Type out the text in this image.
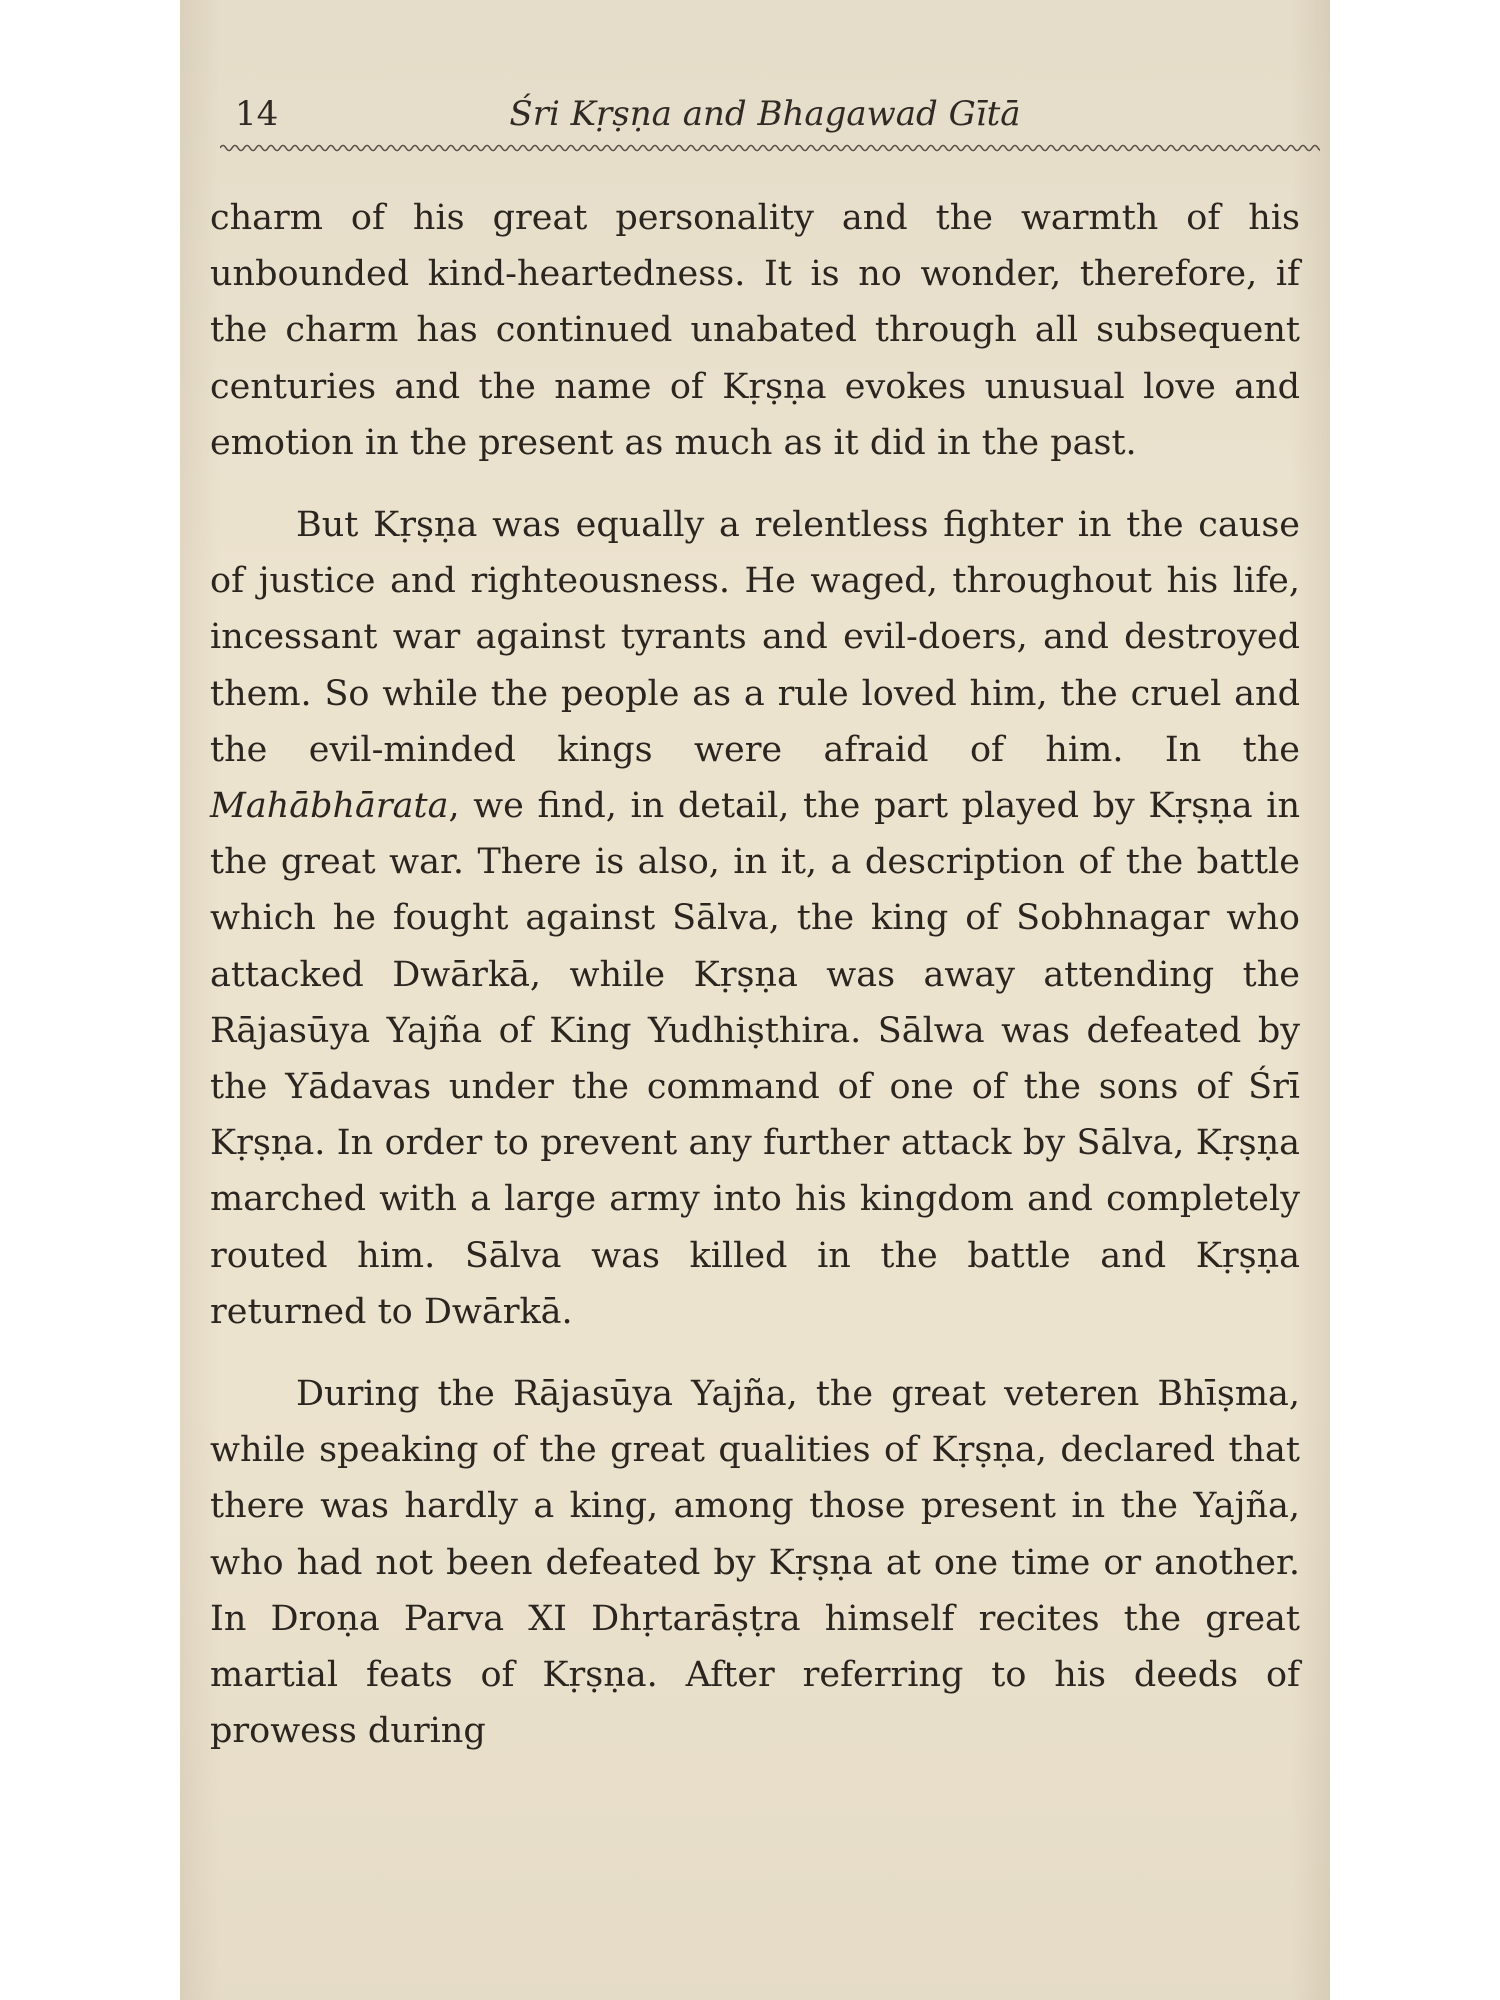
14	Śri Kṛṣṇa and Bhagawad Gītā

charm of his great personality and the warmth of his unbounded kind-heartedness. It is no wonder, therefore, if the charm has continued unabated through all subsequent centuries and the name of Kṛṣṇa evokes unusual love and emotion in the present as much as it did in the past.

But Kṛṣṇa was equally a relentless fighter in the cause of justice and righteousness. He waged, throughout his life, incessant war against tyrants and evil-doers, and destroyed them. So while the people as a rule loved him, the cruel and the evil-minded kings were afraid of him. In the Mahābhārata, we find, in detail, the part played by Kṛṣṇa in the great war. There is also, in it, a description of the battle which he fought against Sālva, the king of Sobhnagar who attacked Dwārkā, while Kṛṣṇa was away attending the Rājasūya Yajña of King Yudhiṣthira. Sālwa was defeated by the Yādavas under the command of one of the sons of Śrī Kṛṣṇa. In order to prevent any further attack by Sālva, Kṛṣṇa marched with a large army into his kingdom and completely routed him. Sālva was killed in the battle and Kṛṣṇa returned to Dwārkā.

During the Rājasūya Yajña, the great veteren Bhīṣma, while speaking of the great qualities of Kṛṣṇa, declared that there was hardly a king, among those present in the Yajña, who had not been defeated by Kṛṣṇa at one time or another. In Droṇa Parva XI Dhṛtarāṣṭra himself recites the great martial feats of Kṛṣṇa. After referring to his deeds of prowess during
